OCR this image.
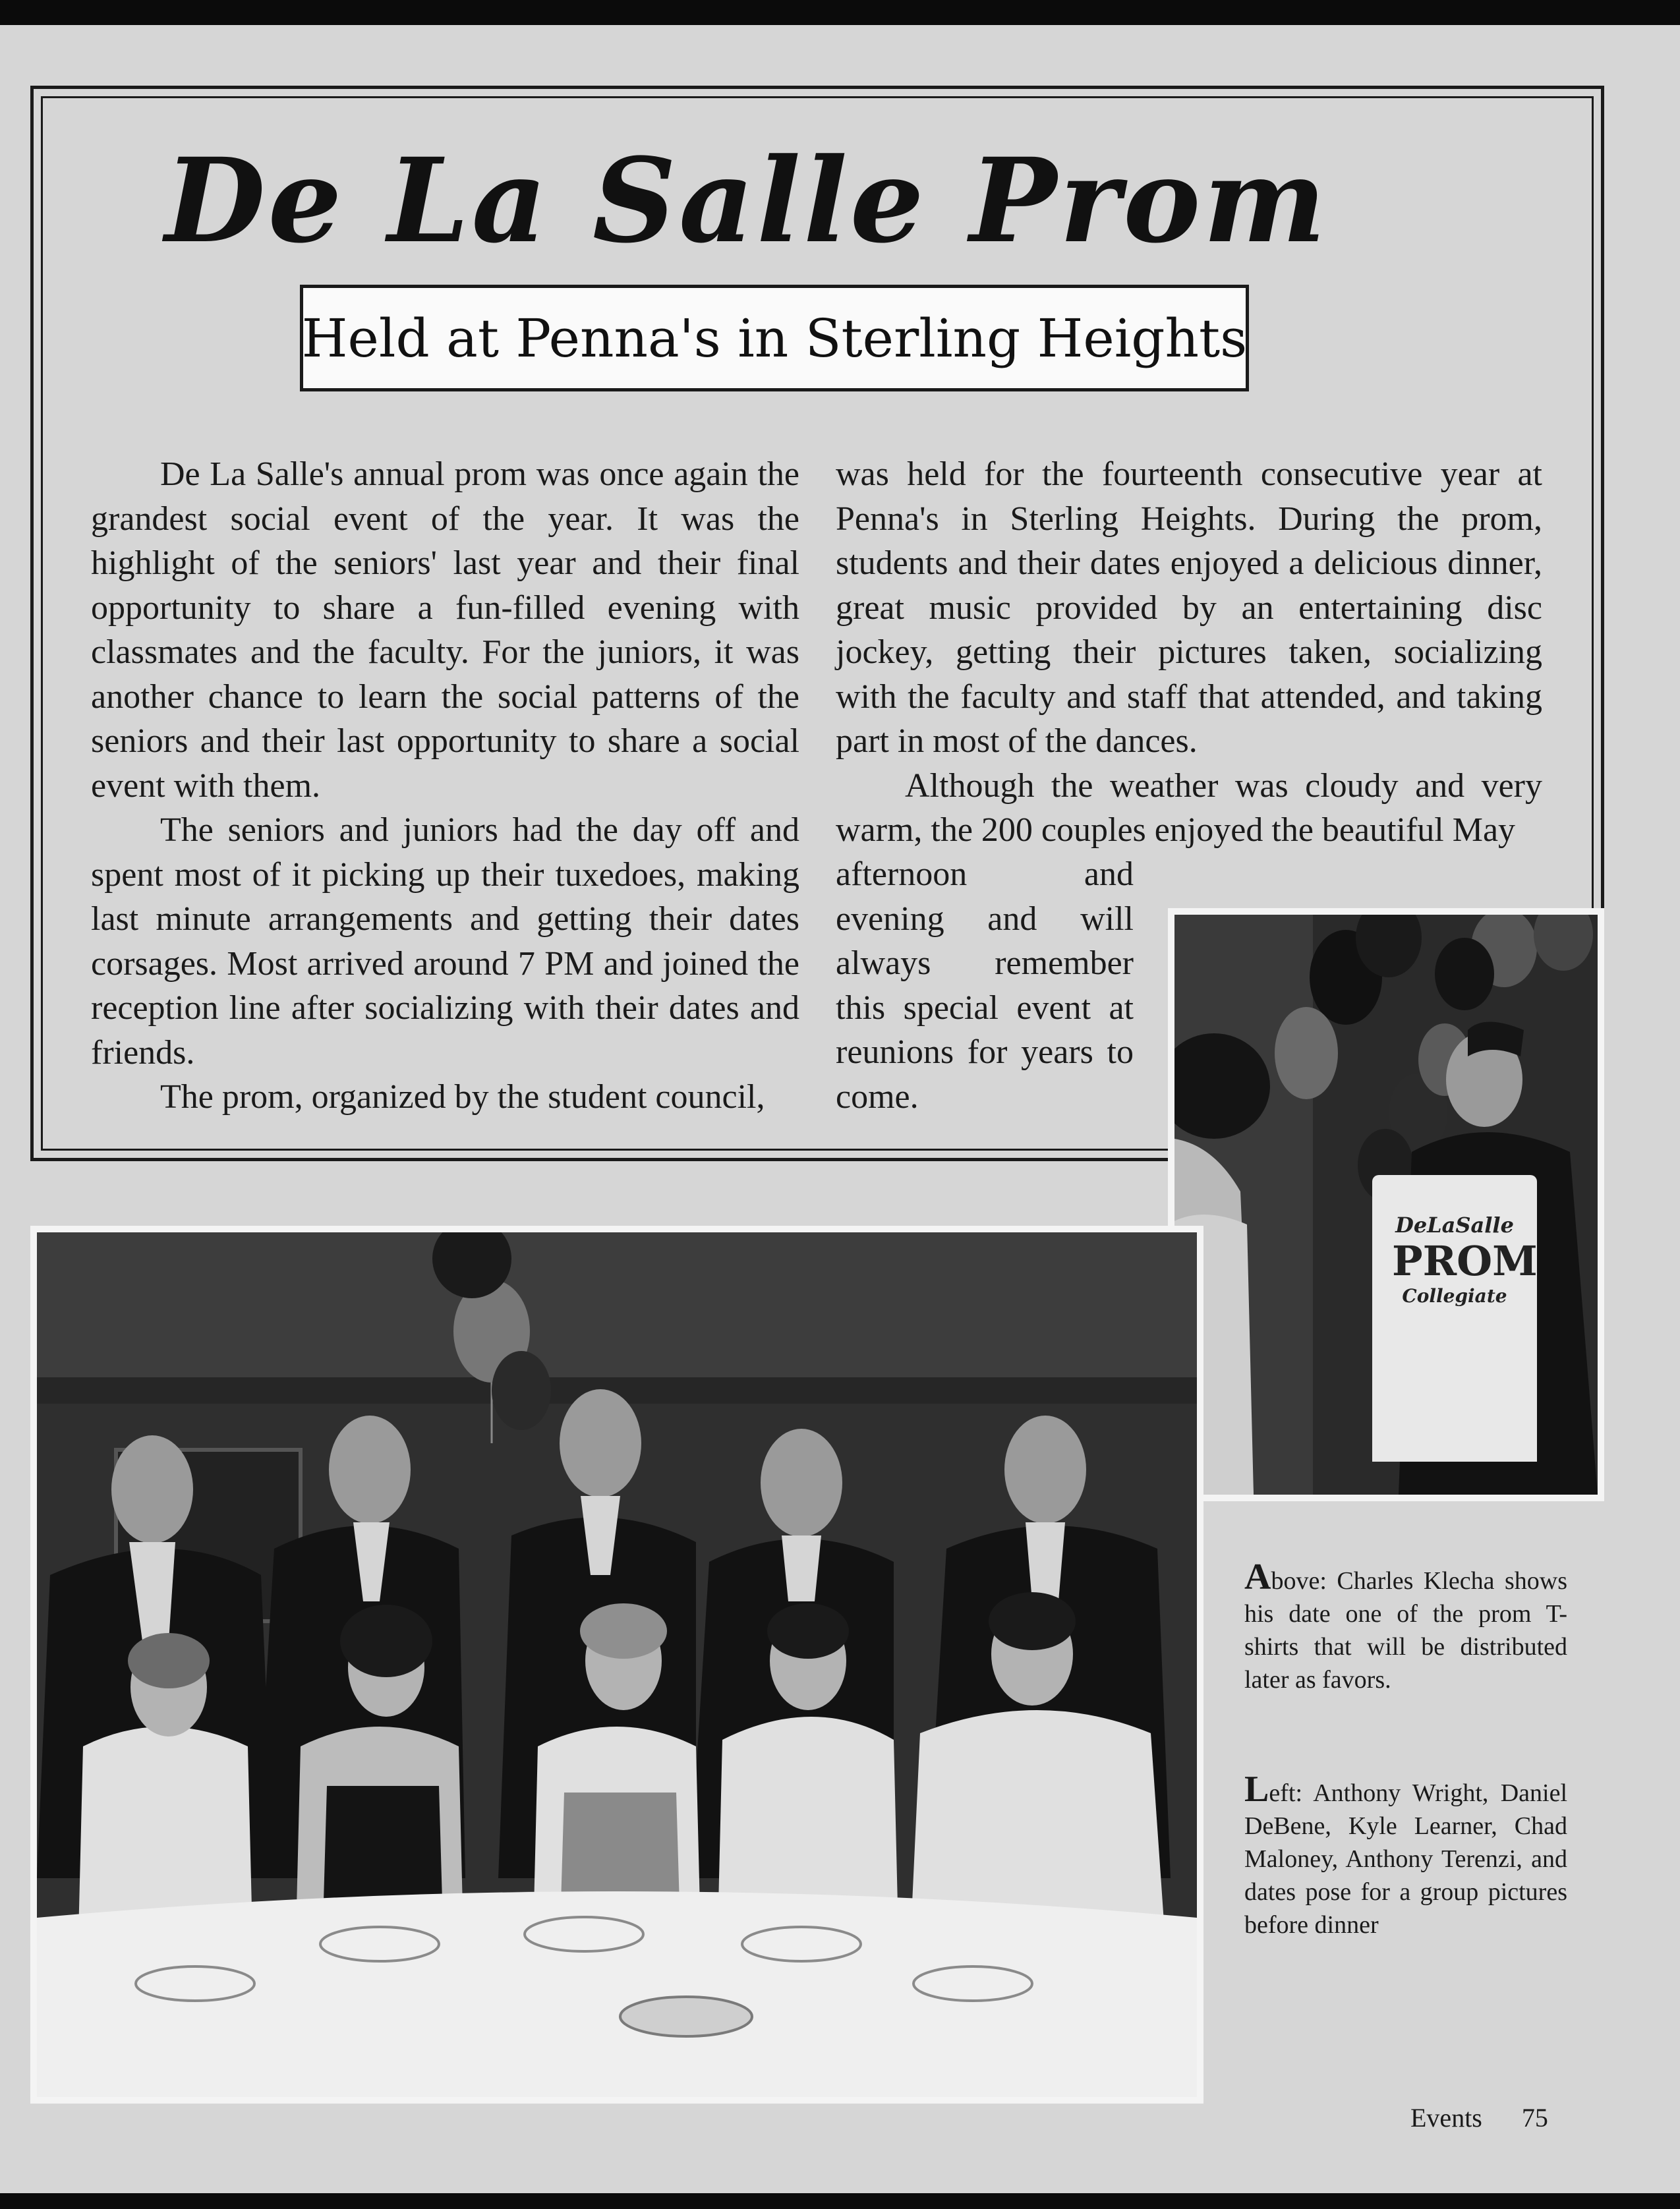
De La Salle Prom
Held at Penna's in Sterling Heights

De La Salle's annual prom was once again the grandest social event of the year. It was the highlight of the seniors' last year and their final opportunity to share a fun-filled evening with classmates and the faculty. For the juniors, it was another chance to learn the social patterns of the seniors and their last opportunity to share a social event with them.

The seniors and juniors had the day off and spent most of it picking up their tuxedoes, making last minute arrangements and getting their dates corsages. Most arrived around 7 PM and joined the reception line after socializing with their dates and friends.

The prom, organized by the student council,

was held for the fourteenth consecutive year at Penna's in Sterling Heights. During the prom, students and their dates enjoyed a delicious dinner, great music provided by an entertaining disc jockey, getting their pictures taken, socializing with the faculty and staff that attended, and taking part in most of the dances.

Although the weather was cloudy and very warm, the 200 couples enjoyed the beautiful May

afternoon and evening and will always remember this special event at reunions for years to come.

DeLaSalle
PROM
Collegiate

Above: Charles Klecha shows his date one of the prom T-shirts that will be distributed later as favors.

Left: Anthony Wright, Daniel DeBene, Kyle Learner, Chad Maloney, Anthony Terenzi, and dates pose for a group pictures before dinner

Events 75
